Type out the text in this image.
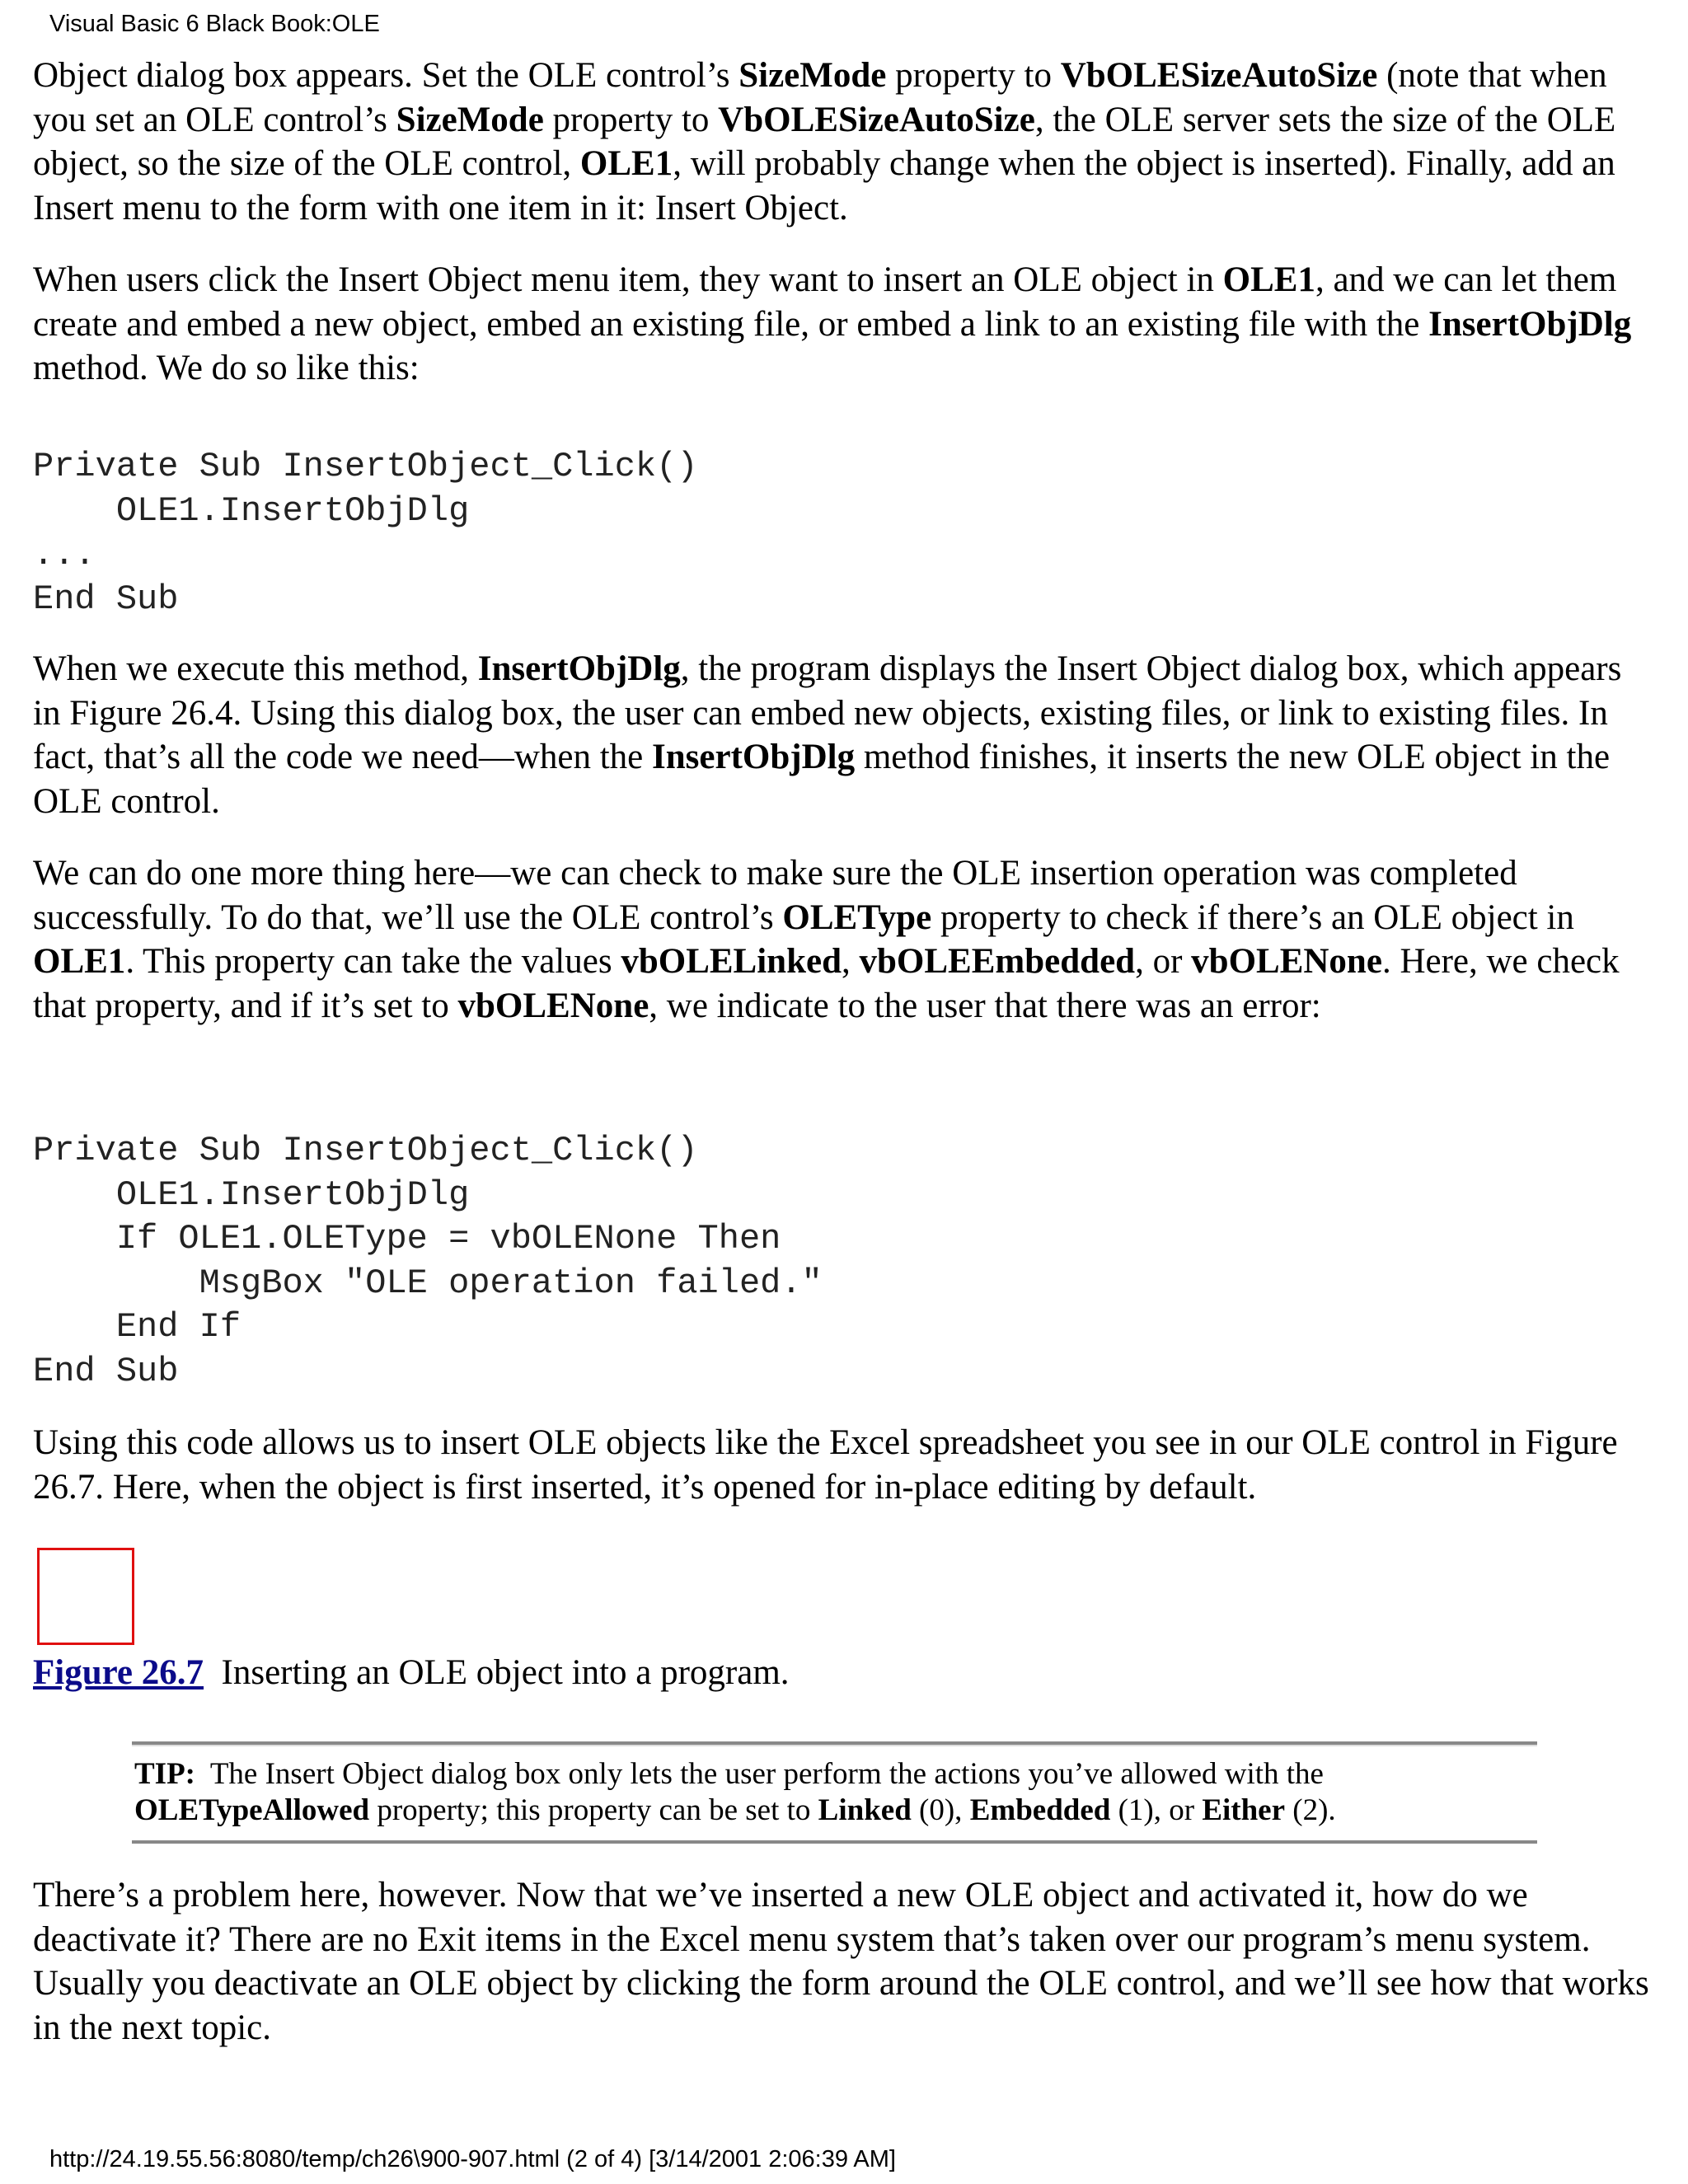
Visual Basic 6 Black Book:OLE

Object dialog box appears. Set the OLE control’s SizeMode property to VbOLESizeAutoSize (note that when you set an OLE control’s SizeMode property to VbOLESizeAutoSize, the OLE server sets the size of the OLE object, so the size of the OLE control, OLE1, will probably change when the object is inserted). Finally, add an Insert menu to the form with one item in it: Insert Object.

When users click the Insert Object menu item, they want to insert an OLE object in OLE1, and we can let them create and embed a new object, embed an existing file, or embed a link to an existing file with the InsertObjDlg method. We do so like this:

Private Sub InsertObject_Click()
OLE1.InsertObjDlg
...
End Sub

When we execute this method, InsertObjDlg, the program displays the Insert Object dialog box, which appears in Figure 26.4. Using this dialog box, the user can embed new objects, existing files, or link to existing files. In fact, that’s all the code we need—when the InsertObjDlg method finishes, it inserts the new OLE object in the OLE control.

We can do one more thing here—we can check to make sure the OLE insertion operation was completed successfully. To do that, we’ll use the OLE control’s OLEType property to check if there’s an OLE object in OLE1. This property can take the values vbOLELinked, vbOLEEmbedded, or vbOLENone. Here, we check that property, and if it’s set to vbOLENone, we indicate to the user that there was an error:

Private Sub InsertObject_Click()
OLE1.InsertObjDlg
If OLE1.OLEType = vbOLENone Then
MsgBox "OLE operation failed."
End If
End Sub

Using this code allows us to insert OLE objects like the Excel spreadsheet you see in our OLE control in Figure 26.7. Here, when the object is first inserted, it’s opened for in-place editing by default.

Figure 26.7  Inserting an OLE object into a program.
TIP:  The Insert Object dialog box only lets the user perform the actions you’ve allowed with the OLETypeAllowed property; this property can be set to Linked (0), Embedded (1), or Either (2).

There’s a problem here, however. Now that we’ve inserted a new OLE object and activated it, how do we deactivate it? There are no Exit items in the Excel menu system that’s taken over our program’s menu system. Usually you deactivate an OLE object by clicking the form around the OLE control, and we’ll see how that works in the next topic.

http://24.19.55.56:8080/temp/ch26\900-907.html (2 of 4) [3/14/2001 2:06:39 AM]
